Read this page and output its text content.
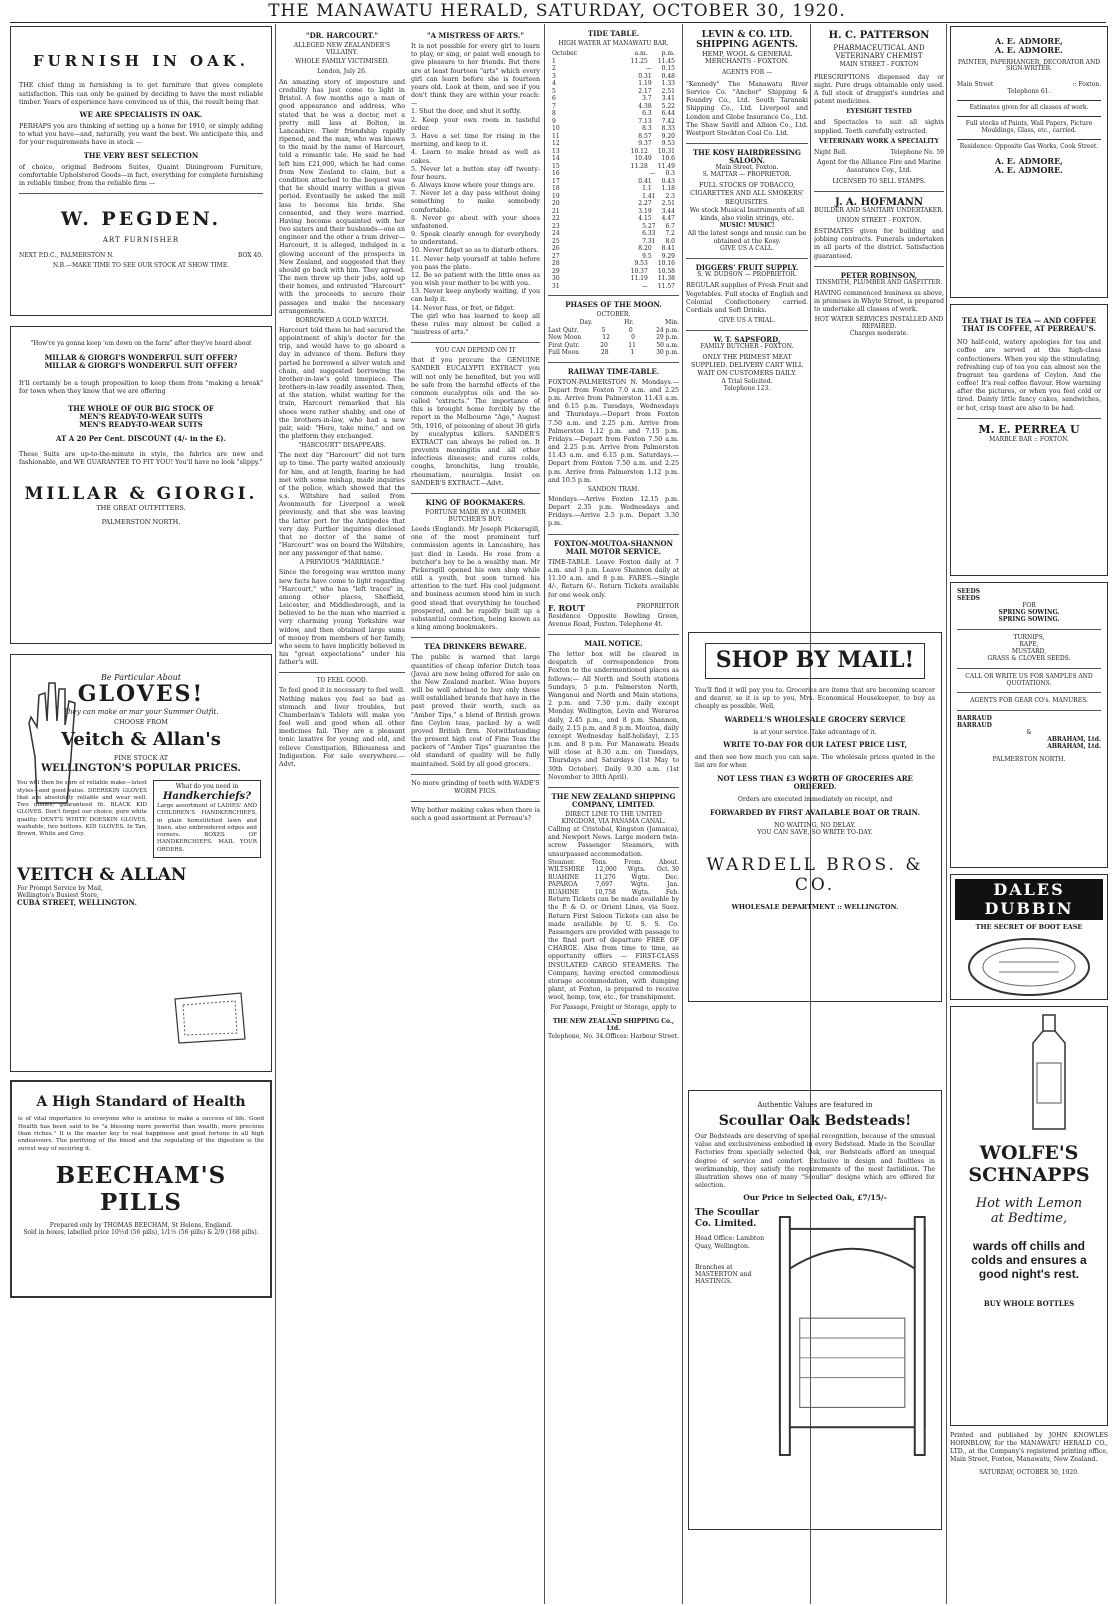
THE MANAWATU HERALD, SATURDAY, OCTOBER 30, 1920.
FURNISH IN OAK.
THE chief thing in furnishing is to get furniture that gives complete satisfaction. This can only be gained by deciding to have the most reliable timber. Years of experience have convinced us of this, the result being that
WE ARE SPECIALISTS IN OAK.
PERHAPS you are thinking of setting up a home for 1910, or simply adding to what you have—and, naturally, you want the best. We anticipate this, and for your requirements have in stock —
THE VERY BEST SELECTION
of choice, original Bedroom Suites, Quaint Diningroom Furniture, comfortable Upholstered Goods—in fact, everything for complete furnishing in reliable timber, from the reliable firm —
W. PEGDEN.
ART FURNISHER
NEXT P.D.C., PALMERSTON N.	BOX 40.
N.B.—MAKE TIME TO SEE OUR STOCK AT SHOW TIME.
"How're ya gonna keep 'em down on the farm" after they've heard about
MILLAR & GIORGI'S WONDERFUL SUIT OFFER?
MILLAR & GIORGI'S WONDERFUL SUIT OFFER?
It'll certainly be a tough proposition to keep them from "making a break" for town when they know that we are offering
THE WHOLE OF OUR BIG STOCK OF
MEN'S READY-TO-WEAR SUITS
MEN'S READY-TO-WEAR SUITS
AT A 20 Per Cent. DISCOUNT (4/- in the £).
These Suits are up-to-the-minute in style, the fabrics are new and fashionable, and WE GUARANTEE TO FIT YOU! You'll have no look "slippy."
MILLAR & GIORGI.
THE GREAT OUTFITTERS.
PALMERSTON NORTH.
Be Particular About
GLOVES!
They can make or mar your Summer Outfit.
CHOOSE FROM
Veitch & Allan's
FINE STOCK AT
WELLINGTON'S POPULAR PRICES.
You will then be sure of reliable make—latest styles—and good value. DEERSKIN GLOVES that are absolutely reliable and wear well. Two domes, guaranteed fit. BLACK KID GLOVES. Don't forget our choice, pure white quality. DENT'S WHITE DOESKIN GLOVES, washable, two buttons. KID GLOVES. In Tan, Brown, White and Grey.
What do you need in
Handkerchiefs?
Large assortment of LADIES' AND CHILDREN'S HANDKERCHIEFS, in plain hemstitched lawn and linen, also embroidered edges and corners. BOXES OF HANDKERCHIEFS. MAIL YOUR ORDERS.
VEITCH & ALLAN
For Prompt Service by Mail,
Wellington's Busiest Store,
CUBA STREET, WELLINGTON.
A High Standard of Health
is of vital importance to everyone who is anxious to make a success of life. Good Health has been said to be "a blessing more powerful than wealth, more precious than riches." It is the master key to real happiness and good fortune in all high endeavours. The purifying of the blood and the regulating of the digestion is the surest way of securing it.
BEECHAM'S PILLS
Prepared only by THOMAS BEECHAM, St Helens, England.
Sold in boxes, labelled price 10½d (56 pills), 1/1½ (56 pills) & 2/9 (168 pills).
"DR. HARCOURT."
ALLEGED NEW ZEALANDER'S VILLAINY.
WHOLE FAMILY VICTIMISED.
London, July 26.
An amazing story of imposture and credulity has just come to light in Bristol. A few months ago a man of good appearance and address, who stated that he was a doctor, met a pretty mill lass at Bolton, in Lancashire. Their friendship rapidly ripened, and the man, who was known to the maid by the name of Harcourt, told a romantic tale. He said he had left him £21,000, which he had come from New Zealand to claim, but a condition attached to the bequest was that he should marry within a given period. Eventually he asked the mill lass to become his bride. She consented, and they were married. Having become acquainted with her two sisters and their husbands—one an engineer and the other a tram driver—Harcourt, it is alleged, indulged in a glowing account of the prospects in New Zealand, and suggested that they should go back with him. They agreed. The men threw up their jobs, sold up their homes, and entrusted "Harcourt" with the proceeds to secure their passages and make the necessary arrangements.
BORROWED A GOLD WATCH.
Harcourt told them he had secured the appointment of ship's doctor for the trip, and would have to go aboard a day in advance of them. Before they parted he borrowed a silver watch and chain, and suggested borrowing the brother-in-law's gold timepiece. The brothers-in-law readily assented. Then, at the station, whilst waiting for the train, Harcourt remarked that his shoes were rather shabby, and one of the brothers-in-law, who had a new pair, said: "Here, take mine," and on the platform they exchanged.
"HARCOURT" DISAPPEARS.
The next day "Harcourt" did not turn up to time. The party waited anxiously for him, and at length, fearing he had met with some mishap, made inquiries of the police, which showed that the s.s. Wiltshire had sailed from Avonmouth for Liverpool a week previously, and that she was leaving the latter port for the Antipodes that very day. Further inquiries disclosed that no doctor of the name of "Harcourt" was on board the Wiltshire, nor any passenger of that name.
A PREVIOUS "MARRIAGE."
Since the foregoing was written many new facts have come to light regarding "Harcourt," who has "left traces" in, among other places, Sheffield, Leicester, and Middlesbrough, and is believed to be the man who married a very charming young Yorkshire war widow, and then obtained large sums of money from members of her family, who seem to have implicitly believed in his "great expectations" under his father's will.
TO FEEL GOOD.
To feel good it is necessary to feel well. Nothing makes you feel so bad as stomach and liver troubles, but Chamberlain's Tablets will make you feel well and good when all other medicines fail. They are a pleasant tonic laxative for young and old, and relieve Constipation, Biliousness and Indigestion. For sale everywhere.—Advt.
"A MISTRESS OF ARTS."
It is not possible for every girl to learn to play, or sing, or paint well enough to give pleasure to her friends. But there are at least fourteen "arts" which every girl can learn before she is fourteen years old. Look at them, and see if you don't think they are within your reach:—
1. Shut the door, and shut it softly.
2. Keep your own room in tasteful order.
3. Have a set time for rising in the morning, and keep to it.
4. Learn to make bread as well as cakes.
5. Never let a button stay off twenty-four hours.
6. Always know where your things are.
7. Never let a day pass without doing something to make somebody comfortable.
8. Never go about with your shoes unfastened.
9. Speak clearly enough for everybody to understand.
10. Never fidget so as to disturb others.
11. Never help yourself at table before you pass the plate.
12. Be so patient with the little ones as you wish your mother to be with you.
13. Never keep anybody waiting, if you can help it.
14. Never fuss, or fret, or fidget.
The girl who has learned to keep all these rules may almost be called a "mistress of arts."
YOU CAN DEPEND ON IT
that if you procure the GENUINE SANDER EUCALYPTI EXTRACT you will not only be benefited, but you will be safe from the harmful effects of the common eucalyptus oils and the so-called "extracts." The importance of this is brought home forcibly by the report in the Melbourne "Age," August 5th, 1916, of poisoning of about 30 girls by eucalyptus killers. SANDER'S EXTRACT can always be relied on. It prevents meningitis and all other infectious diseases; and cures colds, coughs, bronchitis, lung trouble, rheumatism, neuralgia. Insist on SANDER'S EXTRACT.—Advt.
KING OF BOOKMAKERS.
FORTUNE MADE BY A FORMER BUTCHER'S BOY.
Leeds (England). Mr Joseph Pickersgill, one of the most prominent turf commission agents in Lancashire, has just died in Leeds. He rose from a butcher's boy to be a wealthy man. Mr Pickersgill opened his own shop while still a youth, but soon turned his attention to the turf. His cool judgment and business acumen stood him in such good stead that everything he touched prospered, and he rapidly built up a substantial connection, being known as a king among bookmakers.
TEA DRINKERS BEWARE.
The public is warned that large quantities of cheap inferior Dutch teas (Java) are now being offered for sale on the New Zealand market. Wise buyers will be well advised to buy only those well established brands that have in the past proved their worth, such as "Amber Tips," a blend of British grown fine Ceylon teas, packed by a well proved British firm. Notwithstanding the present high cost of Fine Teas the packers of "Amber Tips" guarantee the old standard of quality will be fully maintained. Sold by all good grocers.
No more grinding of teeth with WADE'S WORM FIGS.
Why bother making cakes when there is such a good assortment at Perreau's?
TIDE TABLE.
HIGH WATER AT MANAWATU BAR.
October.	a.m. p.m.
1	11.25 11.45
2	— 0.15
3	0.31 0.48
4	1.19 1.33
5	2.17 2.51
6	3.7 3.41
7	4.38 5.22
8	6.3 6.44
9	7.13 7.42
10	8.3 8.33
11	8.57 9.20
12	9.37 9.53
13	10.12 10.31
14	10.49 10.6
15	11.28 11.49
16	— 0.3
17	0.41 0.43
18	1.1 1.18
19	1.41 2.3
20	2.27 2.51
21	3.19 3.44
22	4.15 4.47
23	5.27 6.7
24	6.33 7.2
25	7.31 8.0
26	8.20 8.41
27	9.5 9.29
28	9.53 10.16
29	10.37 10.58
30	11.19 11.38
31	— 11.57
PHASES OF THE MOON.
OCTOBER.
Day.	Hr.	Min.
Last Qutr.	5	0	24 p.m.
New Moon	12	0	29 p.m.
First Qutr.	20	11	50 a.m.
Full Moon	28	1	30 p.m.
RAILWAY TIME-TABLE.
FOXTON-PALMERSTON N. Mondays.—Depart from Foxton 7.0 a.m. and 2.25 p.m. Arrive from Palmerston 11.43 a.m. and 6.15 p.m. Tuesdays, Wednesdays and Thursdays.—Depart from Foxton 7.50 a.m. and 2.25 p.m. Arrive from Palmerston 1.12 p.m. and 7.15 p.m. Fridays.—Depart from Foxton 7.50 a.m. and 2.25 p.m. Arrive from Palmerston 11.43 a.m. and 6.15 p.m. Saturdays.—Depart from Foxton 7.50 a.m. and 2.25 p.m. Arrive from Palmerston 1.12 p.m. and 10.5 p.m.
SANDON TRAM.
Mondays.—Arrive Foxton 12.15 p.m. Depart 2.35 p.m. Wednesdays and Fridays.—Arrive 2.5 p.m. Depart 3.30 p.m.
FOXTON-MOUTOA-SHANNON MAIL MOTOR SERVICE.
TIME-TABLE. Leave Foxton daily at 7 a.m. and 3 p.m. Leave Shannon daily at 11.10 a.m. and 8 p.m. FARES.—Single 4/-, Return 6/-. Return Tickets available for one week only.
F. ROUT	PROPRIETOR
Residence Opposite Bowling Green, Avenue Road, Foxton. Telephone 4t.
MAIL NOTICE.
The letter box will be cleared in despatch of correspondence from Foxton to the undermentioned places as follows:— All North and South stations Sundays, 5 p.m. Palmerston North, Wanganui and North and Main stations, 2 p.m. and 7.30 p.m. daily except Monday. Wellington, Levin and Weraroa daily, 2.45 p.m., and 8 p.m. Shannon, daily, 2.15 p.m. and 8 p.m. Moutoa, daily (except Wednesday half-holiday), 2.15 p.m. and 8 p.m. For Manawatu Heads will close at 8.30 a.m. on Tuesdays, Thursdays and Saturdays (1st May to 30th October). Daily 9.30 a.m. (1st November to 30th April).
THE NEW ZEALAND SHIPPING COMPANY, LIMITED.
DIRECT LINE TO THE UNITED KINGDOM, VIA PANAMA CANAL.
Calling at Cristobal, Kingston (Jamaica), and Newport News. Large modern twin-screw Passenger Steamers, with unsurpassed accommodation.
Steamer.	Tons.	From.	About.
WILTSHIRE 12,000 Wgtn. Oct. 30
RUAHINE	11,276	Wgtn.	Dec.
PAPAROA	7,697	Wgtn.	Jan.
RUAHINE	10,758	Wgtn.	Feb.
Return Tickets can be made available by the P. & O. or Orient Lines, via Suez. Return First Saloon Tickets can also be made available by U. S. S. Co. Passengers are provided with passage to the final port of departure FREE OF CHARGE. Also from time to time, as opportunity offers — FIRST-CLASS INSULATED CARGO STEAMERS. The Company, having erected commodious storage accommodation, with dumping plant, at Foxton, is prepared to receive wool, hemp, tow, etc., for transhipment.
For Passage, Freight or Storage, apply to —
THE NEW ZEALAND SHIPPING Co., Ltd.
Telephone, No. 34. Offices: Harbour Street.
LEVIN & CO. LTD. SHIPPING AGENTS.
HEMP, WOOL & GENERAL MERCHANTS - FOXTON.
AGENTS FOR —
"Kennedy" The Manawatu River Service Co. "Anchor" Shipping & Foundry Co., Ltd. South Taranaki Shipping Co., Ltd. Liverpool and London and Globe Insurance Co., Ltd. The Shaw Savill and Albion Co., Ltd. Westport Stockton Coal Co. Ltd.
THE KOSY HAIRDRESSING SALOON.
Main Street, Foxton.
S. MATTAR — PROPRIETOR.
FULL STOCKS OF TOBACCO, CIGARETTES AND ALL SMOKERS' REQUISITES.
We stock Musical Instruments of all kinds, also violin strings, etc.
MUSIC! MUSIC!
All the latest songs and music can be obtained at the Kosy.
GIVE US A CALL.
DIGGERS' FRUIT SUPPLY.
S. W. DUDSON — PROPRIETOR.
REGULAR supplies of Fresh Fruit and Vegetables. Full stocks of English and Colonial Confectionery carried. Cordials and Soft Drinks.
GIVE US A TRIAL.
W. T. SAPSFORD,
FAMILY BUTCHER - FOXTON.
ONLY THE PRIMEST MEAT SUPPLIED. DELIVERY CART WILL WAIT ON CUSTOMERS DAILY.
A Trial Solicited.
Telephone 123.
H. C. PATTERSON
PHARMACEUTICAL AND VETERINARY CHEMIST
MAIN STREET - FOXTON
PRESCRIPTIONS dispensed day or night. Pure drugs obtainable only used. A full stock of druggist's sundries and patent medicines.
EYESIGHT TESTED
and Spectacles to suit all sights supplied. Teeth carefully extracted.
VETERINARY WORK A SPECIALITY
Night Bell.	Telephone No. 59
Agent for the Alliance Fire and Marine Assurance Coy., Ltd.
LICENSED TO SELL STAMPS.
J. A. HOFMANN
BUILDER AND SANITARY UNDERTAKER.
UNION STREET - FOXTON.
ESTIMATES given for building and jobbing contracts. Funerals undertaken in all parts of the district. Satisfaction guaranteed.
PETER ROBINSON,
TINSMITH, PLUMBER AND GASFITTER.
HAVING commenced business as above, in premises in Whyte Street, is prepared to undertake all classes of work.
HOT WATER SERVICES INSTALLED AND REPAIRED.
Charges moderate.
SHOP BY MAIL!
You'll find it will pay you to. Groceries are items that are becoming scarcer and dearer, so it is up to you, Mrs. Economical Housekeeper, to buy as cheaply as possible. Well,
WARDELL'S WHOLESALE GROCERY SERVICE
is at your service. Take advantage of it.
WRITE TO-DAY FOR OUR LATEST PRICE LIST,
and then see how much you can save. The wholesale prices quoted in the list are for when
NOT LESS THAN £3 WORTH OF GROCERIES ARE ORDERED.
Orders are executed immediately on receipt, and
FORWARDED BY FIRST AVAILABLE BOAT OR TRAIN.
NO WAITING, NO DELAY.
YOU CAN SAVE, SO WRITE TO-DAY.
WARDELL BROS. & CO.
WHOLESALE DEPARTMENT :: WELLINGTON.
Authentic Values are featured in
Scoullar Oak Bedsteads!
Our Bedsteads are deserving of special recognition, because of the unusual value and exclusiveness embodied in every Bedstead. Made in the Scoullar Factories from specially selected Oak, our Bedsteads afford an unequal degree of service and comfort. Exclusive in design and faultless in workmanship, they satisfy the requirements of the most fastidious. The illustration shows one of many "Scoullar" designs which are offered for selection.
Our Price in Selected Oak, £7/15/-
The Scoullar Co. Limited.
Head Office: Lambton Quay, Wellington.
Branches at MASTERTON and HASTINGS.
A. E. ADMORE,
A. E. ADMORE.
PAINTER, PAPERHANGER, DECORATOR AND SIGN-WRITER.
Main Street	:: Foxton.
Telephone 61.
Estimates given for all classes of work.
Full stocks of Paints, Wall Papers, Picture Mouldings, Glass, etc., carried.
Residence: Opposite Gas Works, Cook Street.
A. E. ADMORE,
A. E. ADMORE.
TEA THAT IS TEA — AND COFFEE THAT IS COFFEE, AT PERREAU'S.
NO half-cold, watery apologies for tea and coffee are served at this high-class confectioners. When you sip the stimulating, refreshing cup of tea you can almost see the fragrant tea gardens of Ceylon. And the coffee! It's real coffee flavour. How warming after the pictures, or when you feel cold or tired. Dainty little fancy cakes, sandwiches, or hot, crisp toast are also to be had.
M. E. PERREA U
MARBLE BAR :: FOXTON.
SEEDS
SEEDS
FOR
SPRING SOWING.
SPRING SOWING.
TURNIPS,
RAPE,
MUSTARD,
GRASS & CLOVER SEEDS.
CALL OR WRITE US FOR SAMPLES AND QUOTATIONS.
AGENTS FOR GEAR CO's. MANURES.
BARRAUD
BARRAUD
&
ABRAHAM, Ltd.
ABRAHAM, Ltd.
PALMERSTON NORTH.
DALES DUBBIN
THE SECRET OF BOOT EASE
WOLFE'S
SCHNAPPS
Hot with Lemon
at Bedtime,
wards off chills and colds and ensures a good night's rest.
BUY WHOLE BOTTLES
Printed and published by JOHN KNOWLES HORNBLOW, for the MANAWATU HERALD CO., LTD., at the Company's registered printing office, Main Street, Foxton, Manawatu, New Zealand.
SATURDAY, OCTOBER 30, 1920.
